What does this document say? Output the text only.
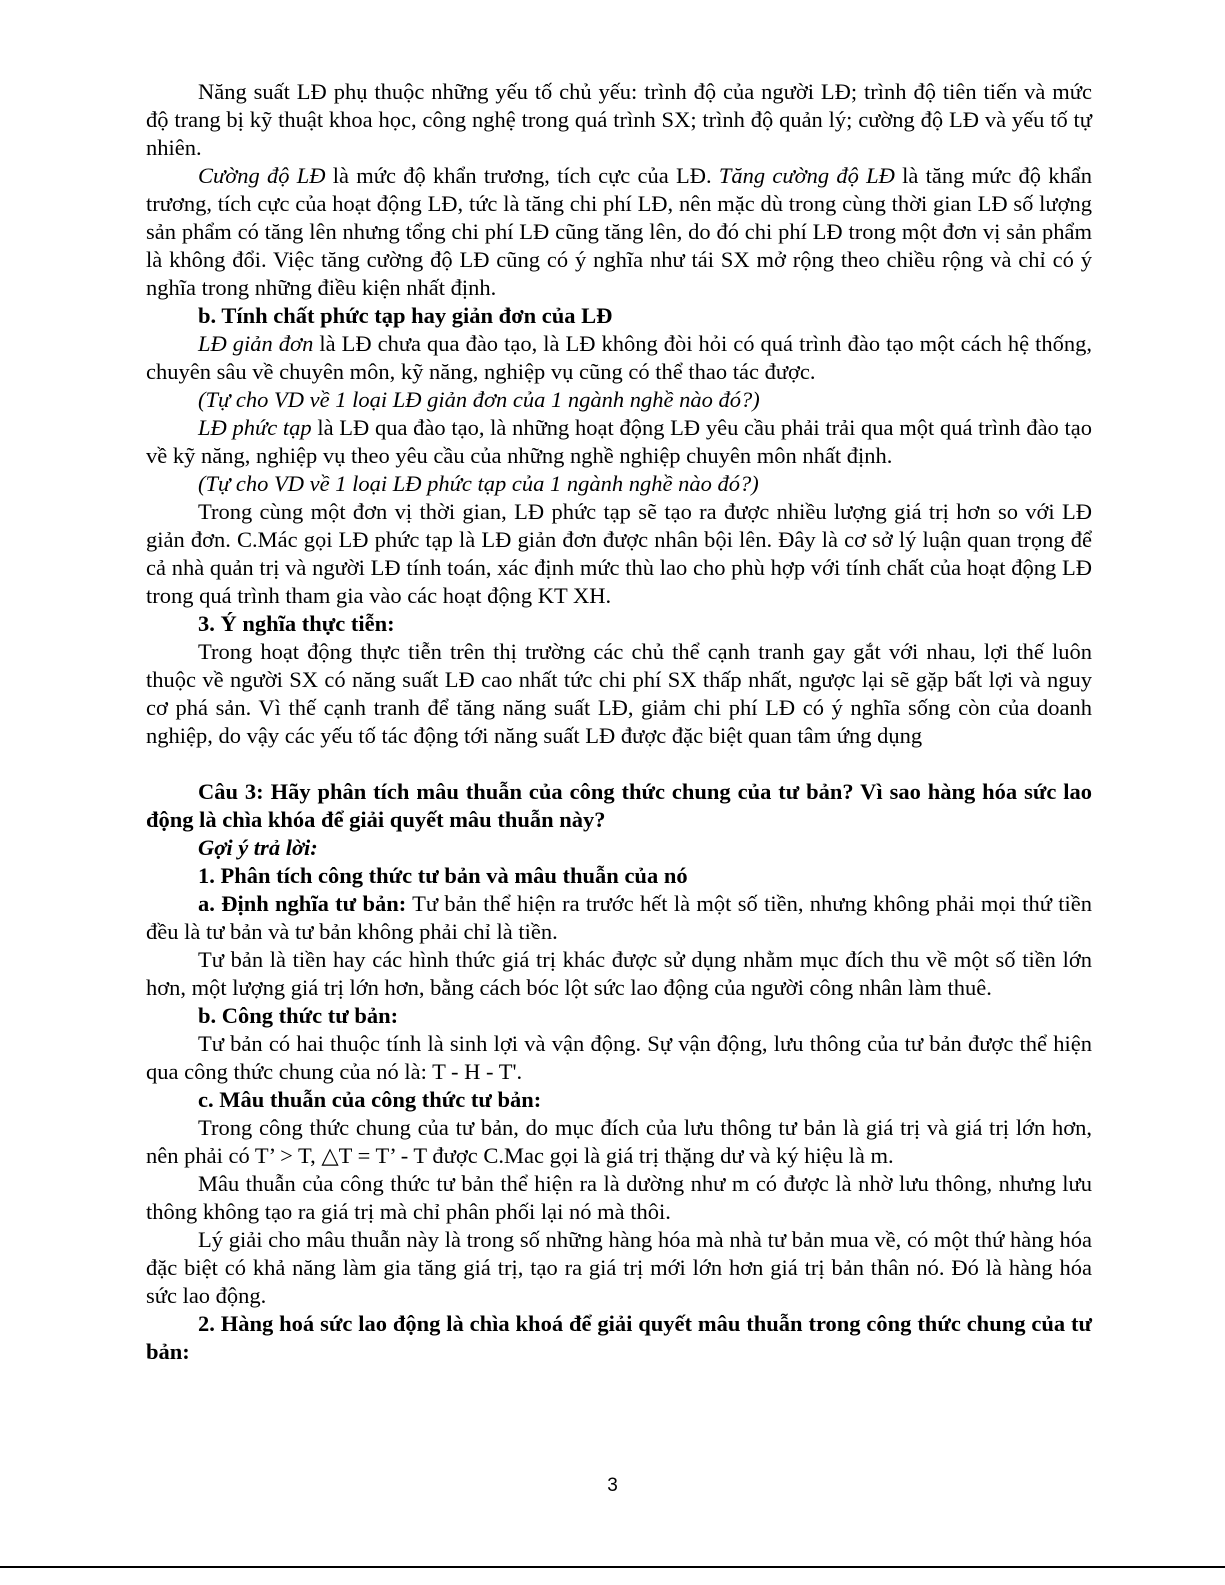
Năng suất LĐ phụ thuộc những yếu tố chủ yếu: trình độ của người LĐ; trình độ tiên tiến và mức độ trang bị kỹ thuật khoa học, công nghệ trong quá trình SX; trình độ quản lý; cường độ LĐ và yếu tố tự nhiên.

Cường độ LĐ là mức độ khẩn trương, tích cực của LĐ. Tăng cường độ LĐ là tăng mức độ khẩn trương, tích cực của hoạt động LĐ, tức là tăng chi phí LĐ, nên mặc dù trong cùng thời gian LĐ số lượng sản phẩm có tăng lên nhưng tổng chi phí LĐ cũng tăng lên, do đó chi phí LĐ trong một đơn vị sản phẩm là không đổi. Việc tăng cường độ LĐ cũng có ý nghĩa như tái SX mở rộng theo chiều rộng và chỉ có ý nghĩa trong những điều kiện nhất định.

b. Tính chất phức tạp hay giản đơn của LĐ

LĐ giản đơn là LĐ chưa qua đào tạo, là LĐ không đòi hỏi có quá trình đào tạo một cách hệ thống, chuyên sâu về chuyên môn, kỹ năng, nghiệp vụ cũng có thể thao tác được.

(Tự cho VD về 1 loại LĐ giản đơn của 1 ngành nghề nào đó?)

LĐ phức tạp là LĐ qua đào tạo, là những hoạt động LĐ yêu cầu phải trải qua một quá trình đào tạo về kỹ năng, nghiệp vụ theo yêu cầu của những nghề nghiệp chuyên môn nhất định.

(Tự cho VD về 1 loại LĐ phức tạp của 1 ngành nghề nào đó?)

Trong cùng một đơn vị thời gian, LĐ phức tạp sẽ tạo ra được nhiều lượng giá trị hơn so với LĐ giản đơn. C.Mác gọi LĐ phức tạp là LĐ giản đơn được nhân bội lên. Đây là cơ sở lý luận quan trọng để cả nhà quản trị và người LĐ tính toán, xác định mức thù lao cho phù hợp với tính chất của hoạt động LĐ trong quá trình tham gia vào các hoạt động KT XH.

3. Ý nghĩa thực tiễn:

Trong hoạt động thực tiễn trên thị trường các chủ thể cạnh tranh gay gắt với nhau, lợi thế luôn thuộc về người SX có năng suất LĐ cao nhất tức chi phí SX thấp nhất, ngược lại sẽ gặp bất lợi và nguy cơ phá sản. Vì thế cạnh tranh để tăng năng suất LĐ, giảm chi phí LĐ có ý nghĩa sống còn của doanh nghiệp, do vậy các yếu tố tác động tới năng suất LĐ được đặc biệt quan tâm ứng dụng

Câu 3: Hãy phân tích mâu thuẫn của công thức chung của tư bản? Vì sao hàng hóa sức lao động là chìa khóa để giải quyết mâu thuẫn này?

Gợi ý trả lời:

1. Phân tích công thức tư bản và mâu thuẫn của nó

a. Định nghĩa tư bản: Tư bản thể hiện ra trước hết là một số tiền, nhưng không phải mọi thứ tiền đều là tư bản và tư bản không phải chỉ là tiền.

Tư bản là tiền hay các hình thức giá trị khác được sử dụng nhằm mục đích thu về một số tiền lớn hơn, một lượng giá trị lớn hơn, bằng cách bóc lột sức lao động của người công nhân làm thuê.

b. Công thức tư bản:

Tư bản có hai thuộc tính là sinh lợi và vận động. Sự vận động, lưu thông của tư bản được thể hiện qua công thức chung của nó là: T - H - T'.

c. Mâu thuẫn của công thức tư bản:

Trong công thức chung của tư bản, do mục đích của lưu thông tư bản là giá trị và giá trị lớn hơn, nên phải có T’ > T, △T = T’ - T được C.Mac gọi là giá trị thặng dư và ký hiệu là m.

Mâu thuẫn của công thức tư bản thể hiện ra là dường như m có được là nhờ lưu thông, nhưng lưu thông không tạo ra giá trị mà chỉ phân phối lại nó mà thôi.

Lý giải cho mâu thuẫn này là trong số những hàng hóa mà nhà tư bản mua về, có một thứ hàng hóa đặc biệt có khả năng làm gia tăng giá trị, tạo ra giá trị mới lớn hơn giá trị bản thân nó. Đó là hàng hóa sức lao động.

2. Hàng hoá sức lao động là chìa khoá để giải quyết mâu thuẫn trong công thức chung của tư bản:

3
